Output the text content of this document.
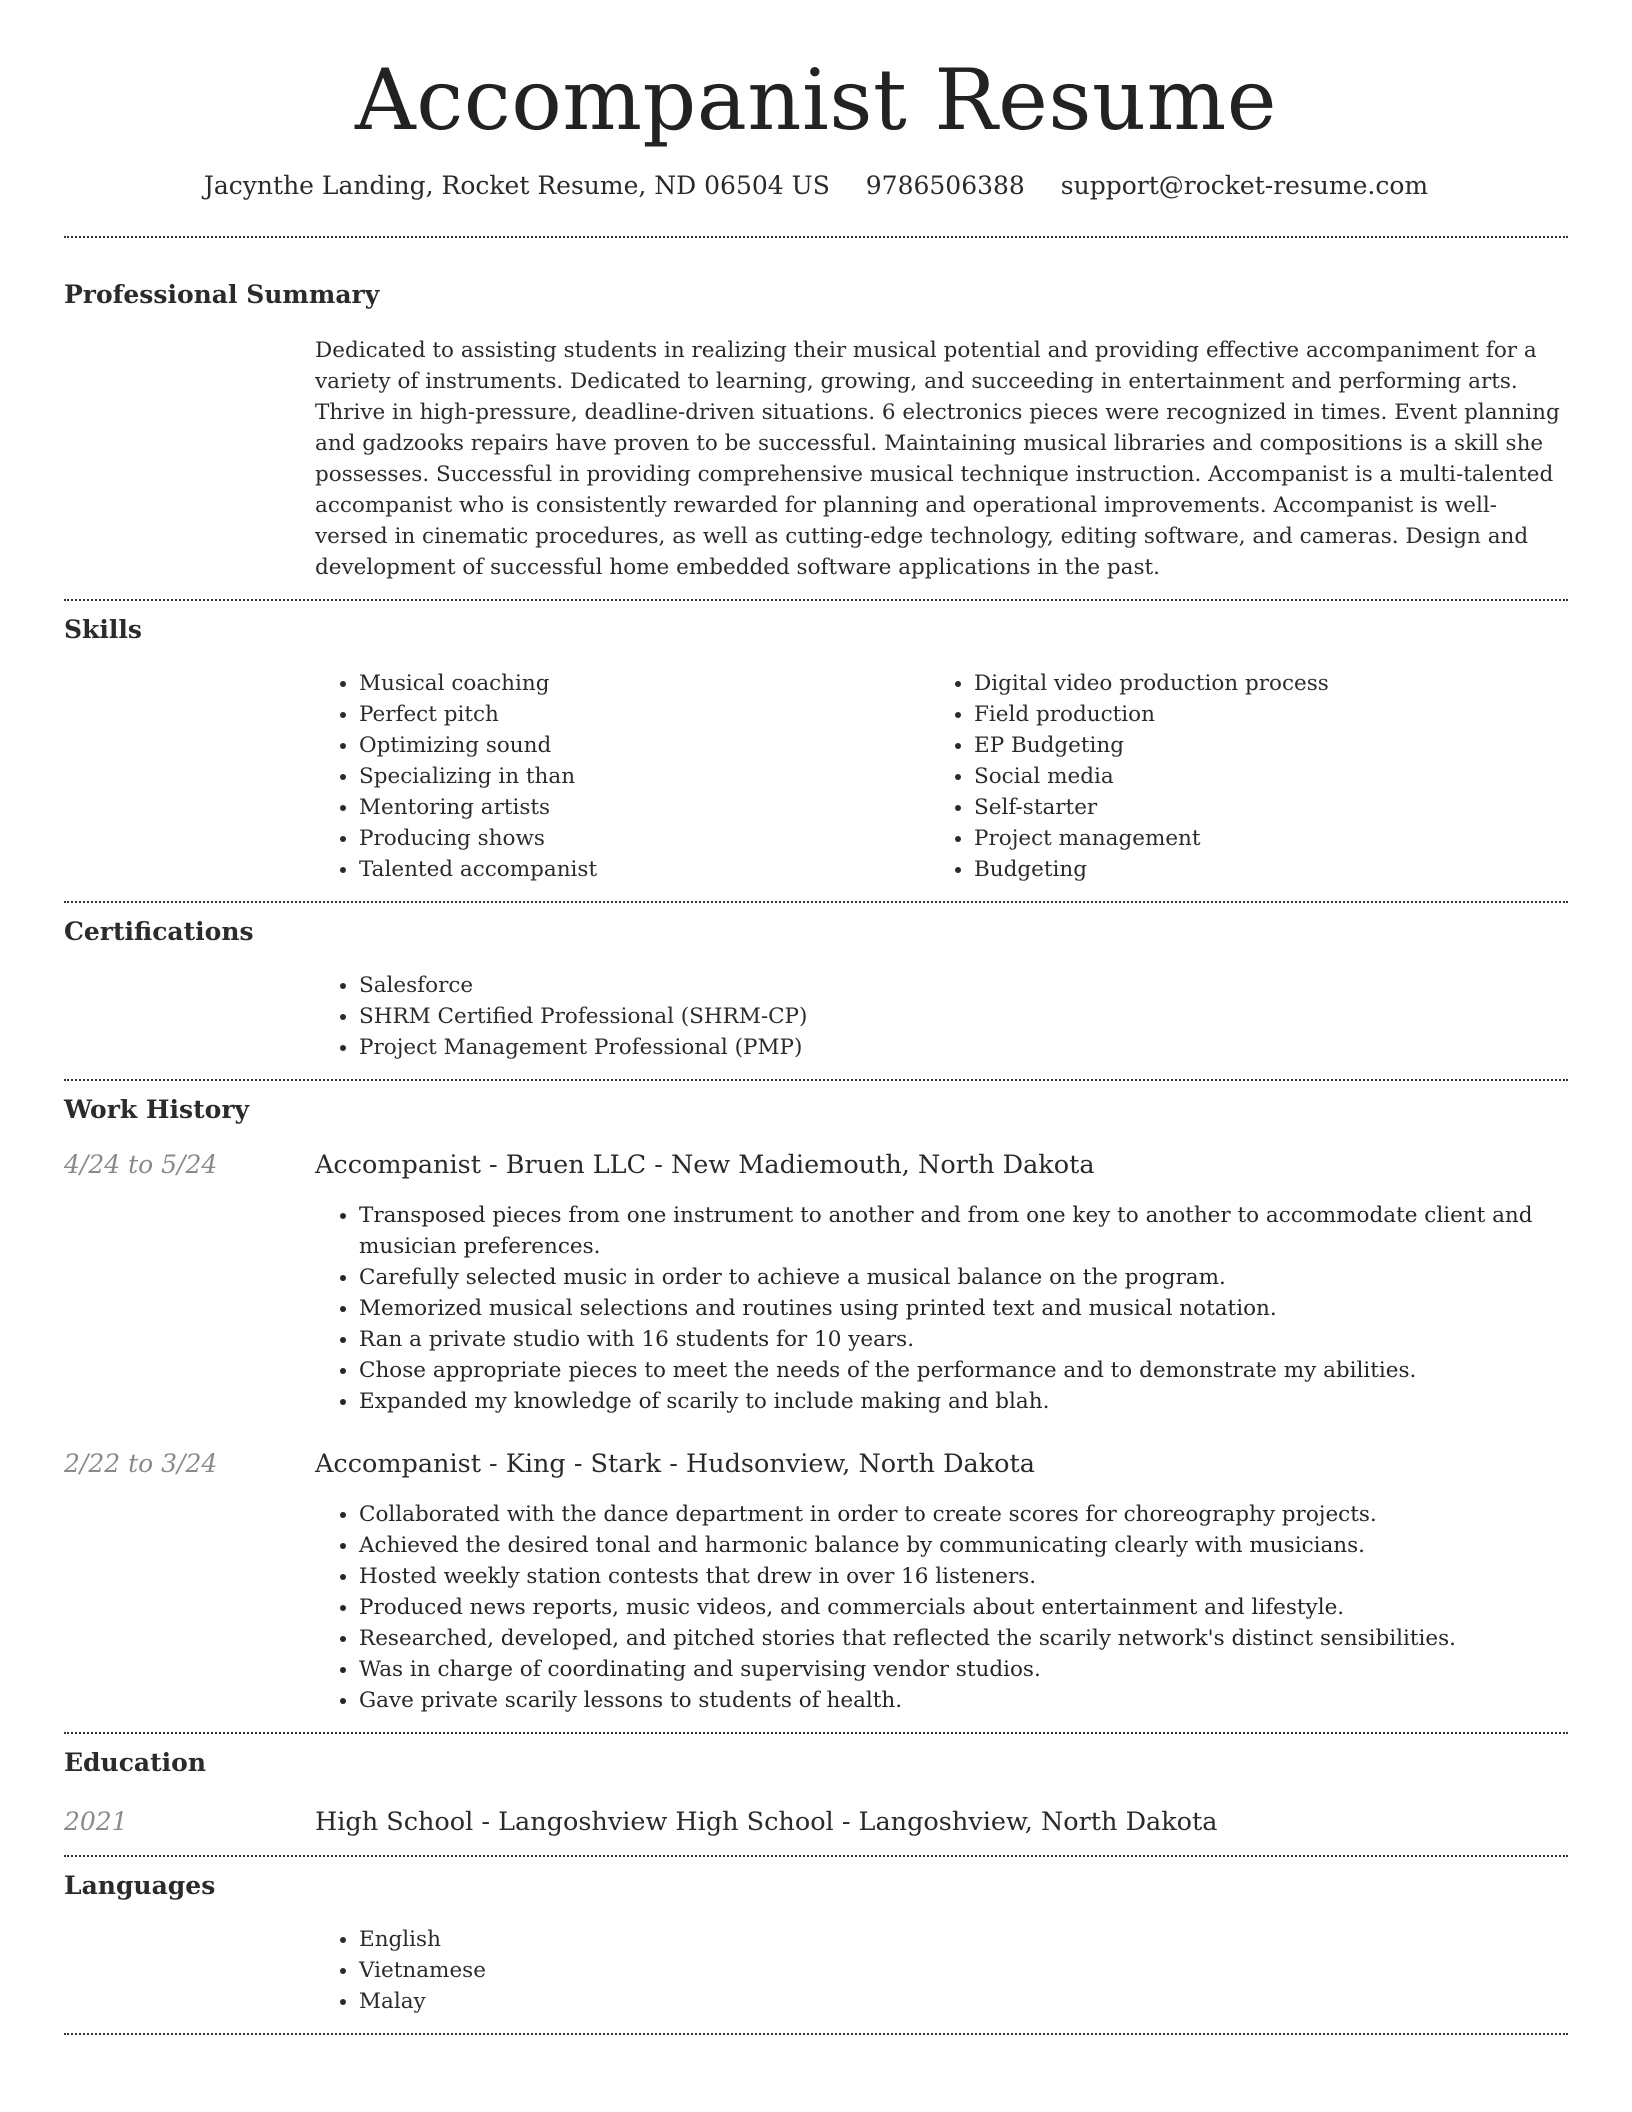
Accompanist Resume
Jacynthe Landing, Rocket Resume, ND 06504 US 9786506388 support@rocket-resume.com
Professional Summary

Dedicated to assisting students in realizing their musical potential and providing effective accompaniment for a variety of instruments. Dedicated to learning, growing, and succeeding in entertainment and performing arts. Thrive in high-pressure, deadline-driven situations. 6 electronics pieces were recognized in times. Event planning and gadzooks repairs have proven to be successful. Maintaining musical libraries and compositions is a skill she possesses. Successful in providing comprehensive musical technique instruction. Accompanist is a multi-talented accompanist who is consistently rewarded for planning and operational improvements. Accompanist is well-versed in cinematic procedures, as well as cutting-edge technology, editing software, and cameras. Design and development of successful home embedded software applications in the past.

Skills
• Musical coaching
• Perfect pitch
• Optimizing sound
• Specializing in than
• Mentoring artists
• Producing shows
• Talented accompanist
• Digital video production process
• Field production
• EP Budgeting
• Social media
• Self-starter
• Project management
• Budgeting
Certifications
• Salesforce
• SHRM Certified Professional (SHRM-CP)
• Project Management Professional (PMP)
Work History
4/24 to 5/24	Accompanist - Bruen LLC - New Madiemouth, North Dakota
• Transposed pieces from one instrument to another and from one key to another to accommodate client and musician preferences.
• Carefully selected music in order to achieve a musical balance on the program.
• Memorized musical selections and routines using printed text and musical notation.
• Ran a private studio with 16 students for 10 years.
• Chose appropriate pieces to meet the needs of the performance and to demonstrate my abilities.
• Expanded my knowledge of scarily to include making and blah.
2/22 to 3/24	Accompanist - King - Stark - Hudsonview, North Dakota
• Collaborated with the dance department in order to create scores for choreography projects.
• Achieved the desired tonal and harmonic balance by communicating clearly with musicians.
• Hosted weekly station contests that drew in over 16 listeners.
• Produced news reports, music videos, and commercials about entertainment and lifestyle.
• Researched, developed, and pitched stories that reflected the scarily network's distinct sensibilities.
• Was in charge of coordinating and supervising vendor studios.
• Gave private scarily lessons to students of health.
Education
2021	High School - Langoshview High School - Langoshview, North Dakota
Languages
• English
• Vietnamese
• Malay
